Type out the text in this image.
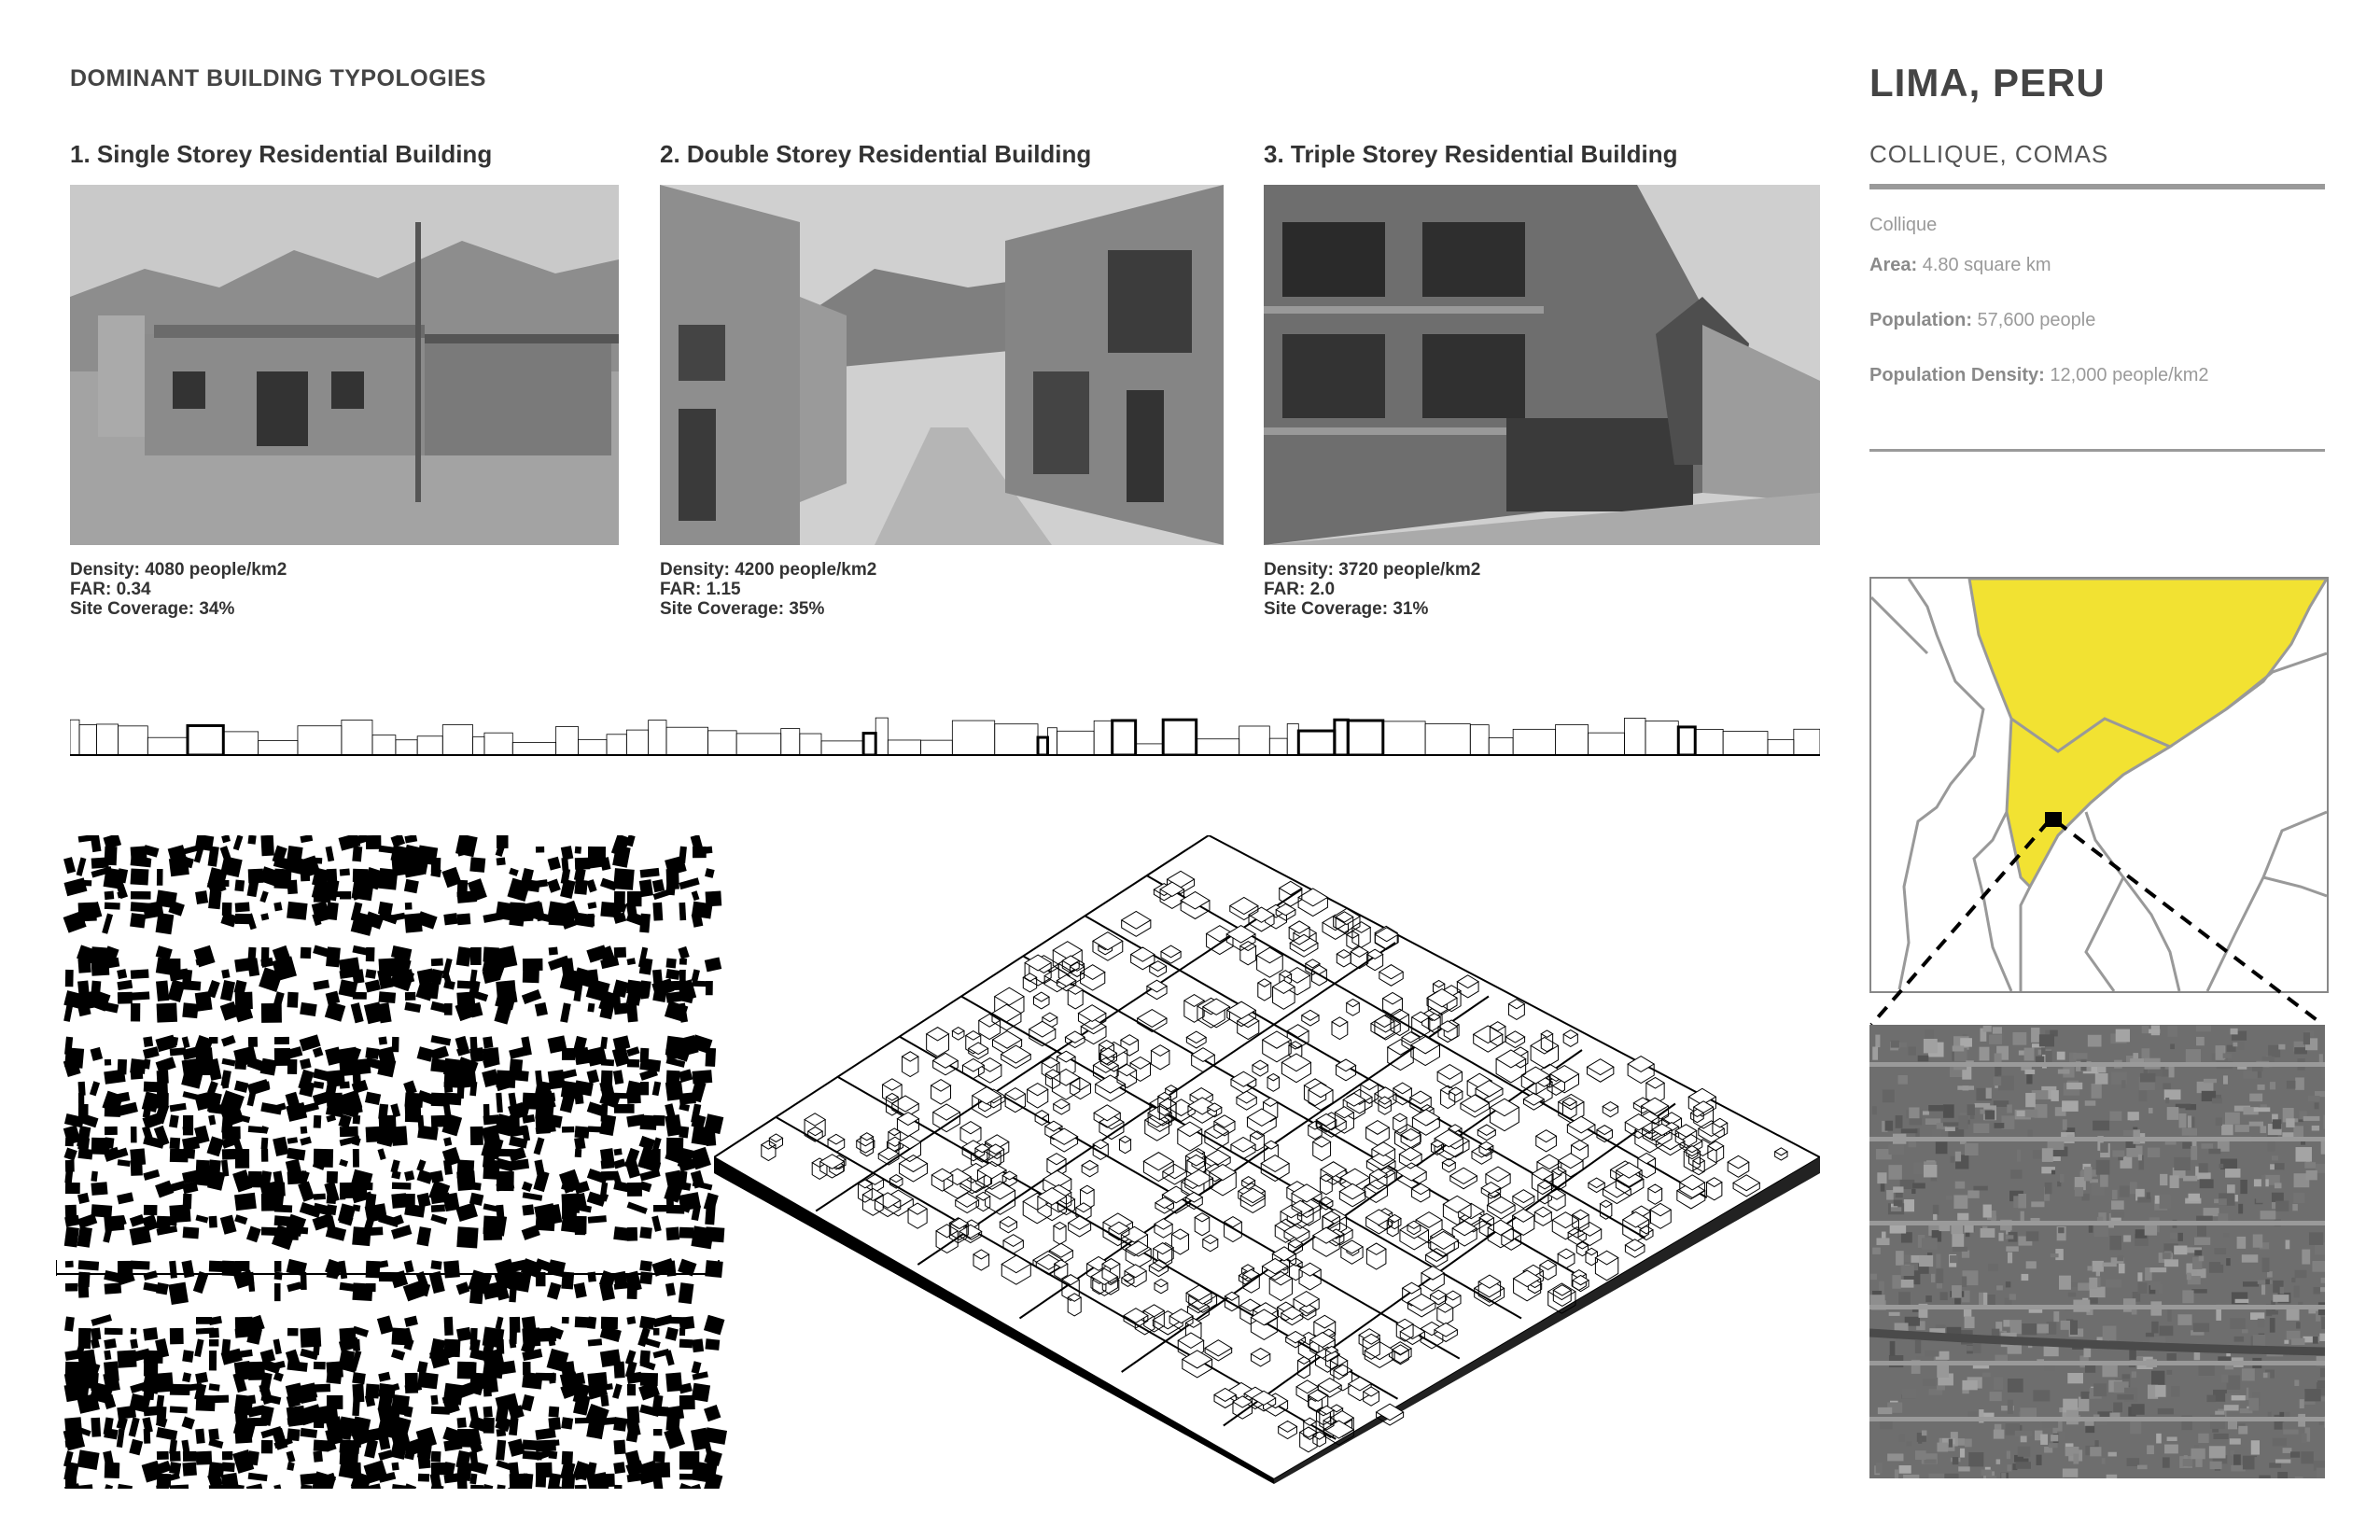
DOMINANT BUILDING TYPOLOGIES
1. Single Storey Residential Building	2. Double Storey Residential Building	3. Triple Storey Residential Building
Density: 4080 people/km2
FAR: 0.34
Site Coverage: 34%
Density: 4200 people/km2
FAR: 1.15
Site Coverage: 35%
Density: 3720 people/km2
FAR: 2.0
Site Coverage: 31%
LIMA, PERU
COLLIQUE, COMAS
Collique
Area: 4.80 square km
Population: 57,600 people
Population Density: 12,000 people/km2
